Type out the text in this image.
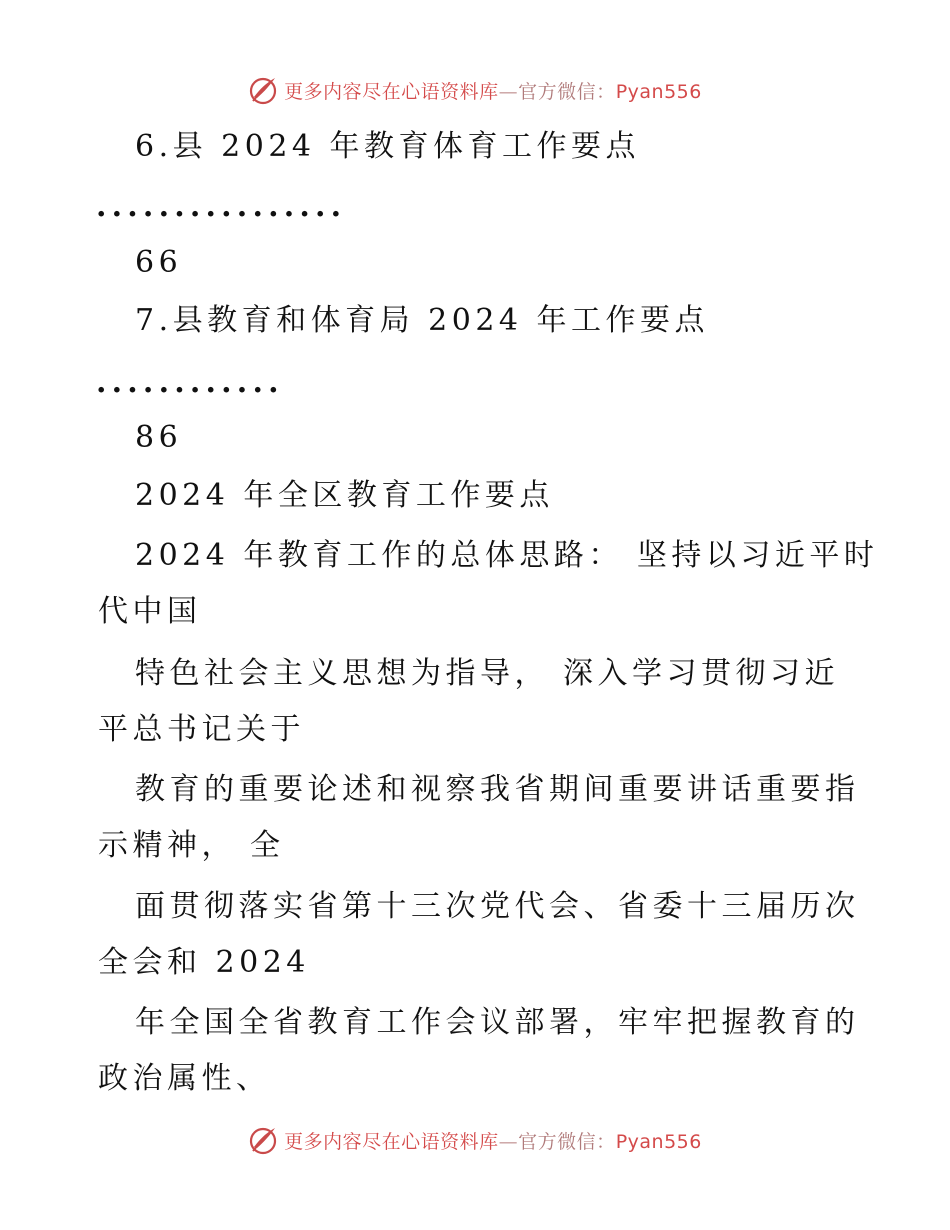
更多内容尽在心语资料库—官方微信：Pyan556
6.县 2024 年教育体育工作要点
................
66
7.县教育和体育局 2024 年工作要点
............
86
2024 年全区教育工作要点
2024 年教育工作的总体思路： 坚持以习近平时
代中国
特色社会主义思想为指导， 深入学习贯彻习近
平总书记关于
教育的重要论述和视察我省期间重要讲话重要指
示精神， 全
面贯彻落实省第十三次党代会、省委十三届历次
全会和 2024
年全国全省教育工作会议部署，牢牢把握教育的
政治属性、
更多内容尽在心语资料库—官方微信：Pyan556
